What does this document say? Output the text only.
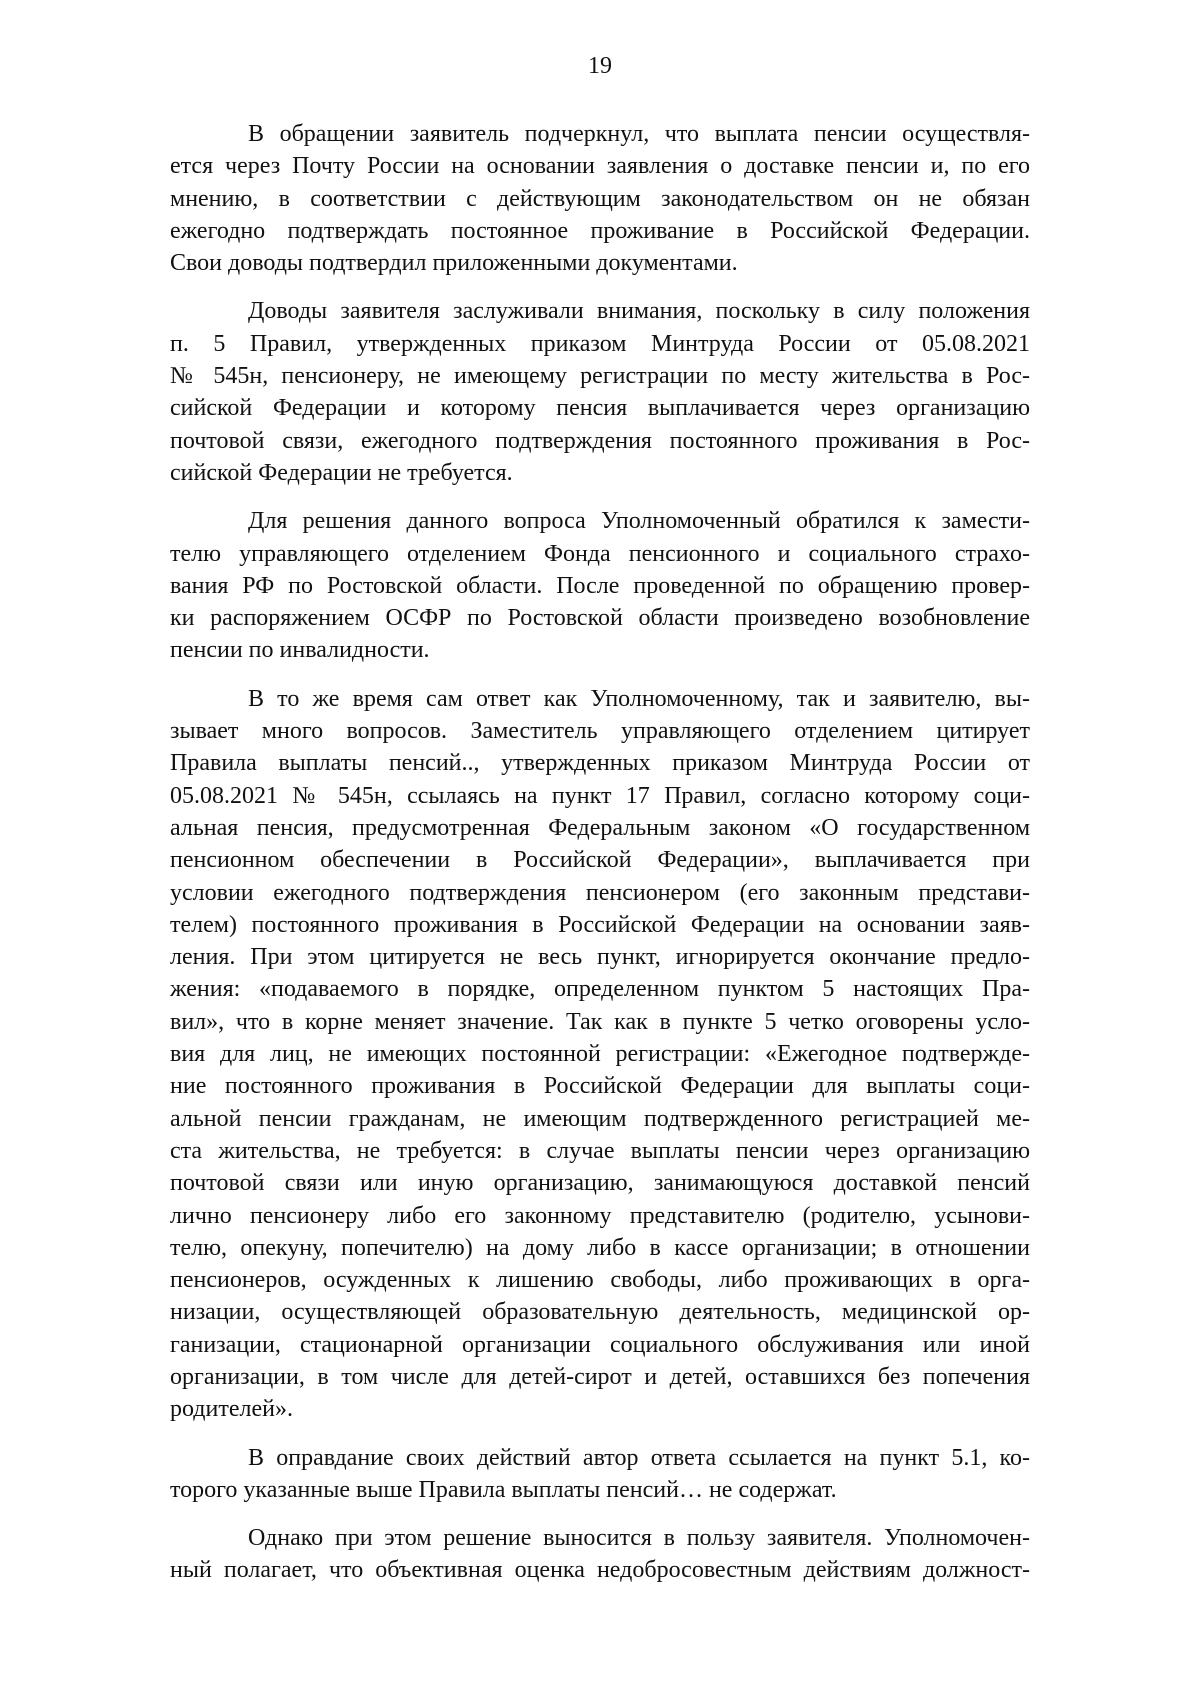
19

В обращении заявитель подчеркнул, что выплата пенсии осуществля-
ется через Почту России на основании заявления о доставке пенсии и, по его
мнению, в соответствии с действующим законодательством он не обязан
ежегодно подтверждать постоянное проживание в Российской Федерации.
Свои доводы подтвердил приложенными документами.

Доводы заявителя заслуживали внимания, поскольку в силу положения
п. 5 Правил, утвержденных приказом Минтруда России от 05.08.2021
№ 545н, пенсионеру, не имеющему регистрации по месту жительства в Рос-
сийской Федерации и которому пенсия выплачивается через организацию
почтовой связи, ежегодного подтверждения постоянного проживания в Рос-
сийской Федерации не требуется.

Для решения данного вопроса Уполномоченный обратился к замести-
телю управляющего отделением Фонда пенсионного и социального страхо-
вания РФ по Ростовской области. После проведенной по обращению провер-
ки распоряжением ОСФР по Ростовской области произведено возобновление
пенсии по инвалидности.

В то же время сам ответ как Уполномоченному, так и заявителю, вы-
зывает много вопросов. Заместитель управляющего отделением цитирует
Правила выплаты пенсий.., утвержденных приказом Минтруда России от
05.08.2021 № 545н, ссылаясь на пункт 17 Правил, согласно которому соци-
альная пенсия, предусмотренная Федеральным законом «О государственном
пенсионном обеспечении в Российской Федерации», выплачивается при
условии ежегодного подтверждения пенсионером (его законным представи-
телем) постоянного проживания в Российской Федерации на основании заяв-
ления. При этом цитируется не весь пункт, игнорируется окончание предло-
жения: «подаваемого в порядке, определенном пунктом 5 настоящих Пра-
вил», что в корне меняет значение. Так как в пункте 5 четко оговорены усло-
вия для лиц, не имеющих постоянной регистрации: «Ежегодное подтвержде-
ние постоянного проживания в Российской Федерации для выплаты соци-
альной пенсии гражданам, не имеющим подтвержденного регистрацией ме-
ста жительства, не требуется: в случае выплаты пенсии через организацию
почтовой связи или иную организацию, занимающуюся доставкой пенсий
лично пенсионеру либо его законному представителю (родителю, усынови-
телю, опекуну, попечителю) на дому либо в кассе организации; в отношении
пенсионеров, осужденных к лишению свободы, либо проживающих в орга-
низации, осуществляющей образовательную деятельность, медицинской ор-
ганизации, стационарной организации социального обслуживания или иной
организации, в том числе для детей-сирот и детей, оставшихся без попечения
родителей».

В оправдание своих действий автор ответа ссылается на пункт 5.1, ко-
торого указанные выше Правила выплаты пенсий… не содержат.

Однако при этом решение выносится в пользу заявителя. Уполномочен-
ный полагает, что объективная оценка недобросовестным действиям должност-
